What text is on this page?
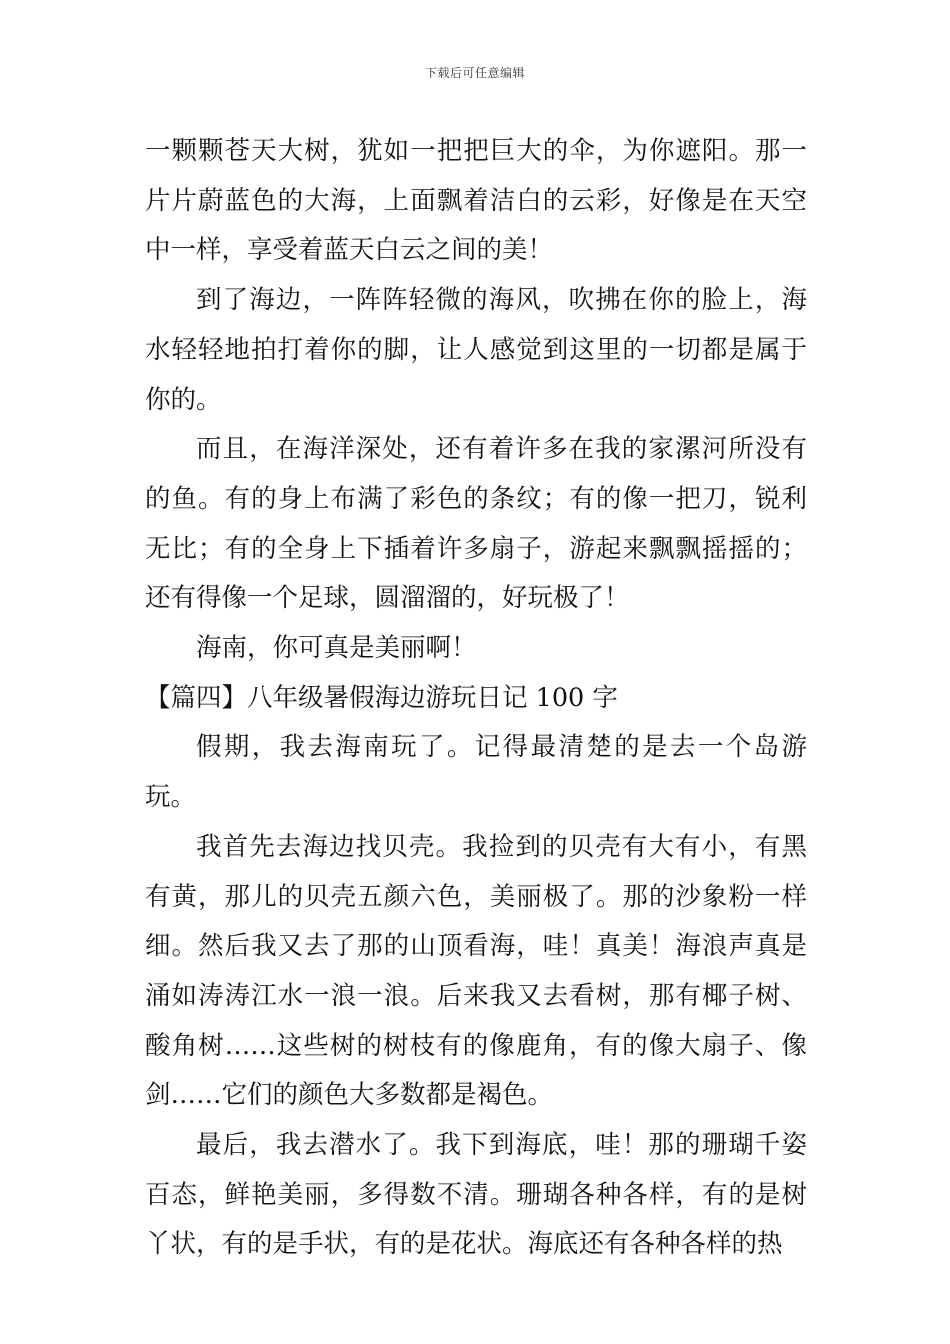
下载后可任意编辑

一颗颗苍天大树，犹如一把把巨大的伞，为你遮阳。那一片片蔚蓝色的大海，上面飘着洁白的云彩，好像是在天空中一样，享受着蓝天白云之间的美！

到了海边，一阵阵轻微的海风，吹拂在你的脸上，海水轻轻地拍打着你的脚，让人感觉到这里的一切都是属于你的。

而且，在海洋深处，还有着许多在我的家漯河所没有的鱼。有的身上布满了彩色的条纹；有的像一把刀，锐利无比；有的全身上下插着许多扇子，游起来飘飘摇摇的；还有得像一个足球，圆溜溜的，好玩极了！

海南，你可真是美丽啊！

【篇四】八年级暑假海边游玩日记 100 字

假期，我去海南玩了。记得最清楚的是去一个岛游玩。

我首先去海边找贝壳。我捡到的贝壳有大有小，有黑有黄，那儿的贝壳五颜六色，美丽极了。那的沙象粉一样细。然后我又去了那的山顶看海，哇！真美！海浪声真是涌如涛涛江水一浪一浪。后来我又去看树，那有椰子树、酸角树……这些树的树枝有的像鹿角，有的像大扇子、像剑……它们的颜色大多数都是褐色。

最后，我去潜水了。我下到海底，哇！那的珊瑚千姿百态，鲜艳美丽，多得数不清。珊瑚各种各样，有的是树丫状，有的是手状，有的是花状。海底还有各种各样的热
